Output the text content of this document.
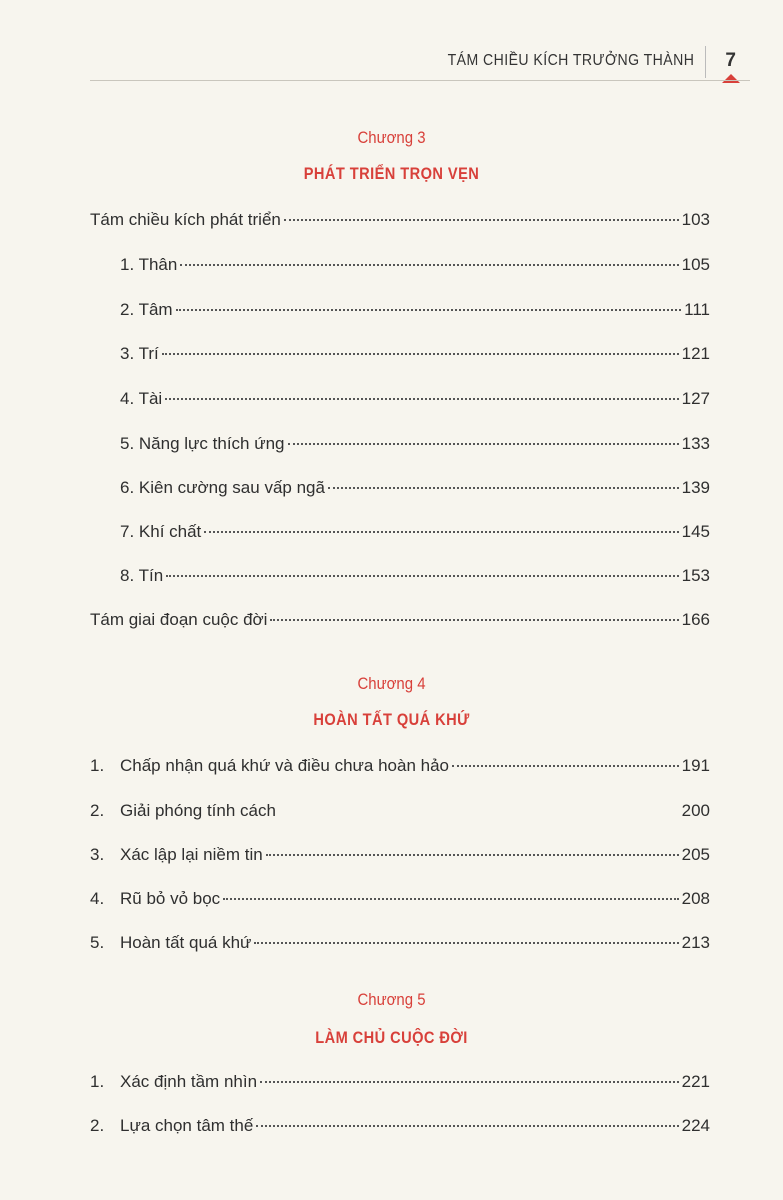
TÁM CHIỀU KÍCH TRƯỞNG THÀNH 7
Chương 3
PHÁT TRIỂN TRỌN VẸN
Tám chiều kích phát triển	103
1. Thân	105
2. Tâm	111
3. Trí	121
4. Tài	127
5. Năng lực thích ứng	133
6. Kiên cường sau vấp ngã	139
7. Khí chất	145
8. Tín	153
Tám giai đoạn cuộc đời	166
Chương 4
HOÀN TẤT QUÁ KHỨ
1. Chấp nhận quá khứ và điều chưa hoàn hảo	191
2. Giải phóng tính cách	200
3. Xác lập lại niềm tin	205
4. Rũ bỏ vỏ bọc	208
5. Hoàn tất quá khứ	213
Chương 5
LÀM CHỦ CUỘC ĐỜI
1. Xác định tầm nhìn	221
2. Lựa chọn tâm thế	224
